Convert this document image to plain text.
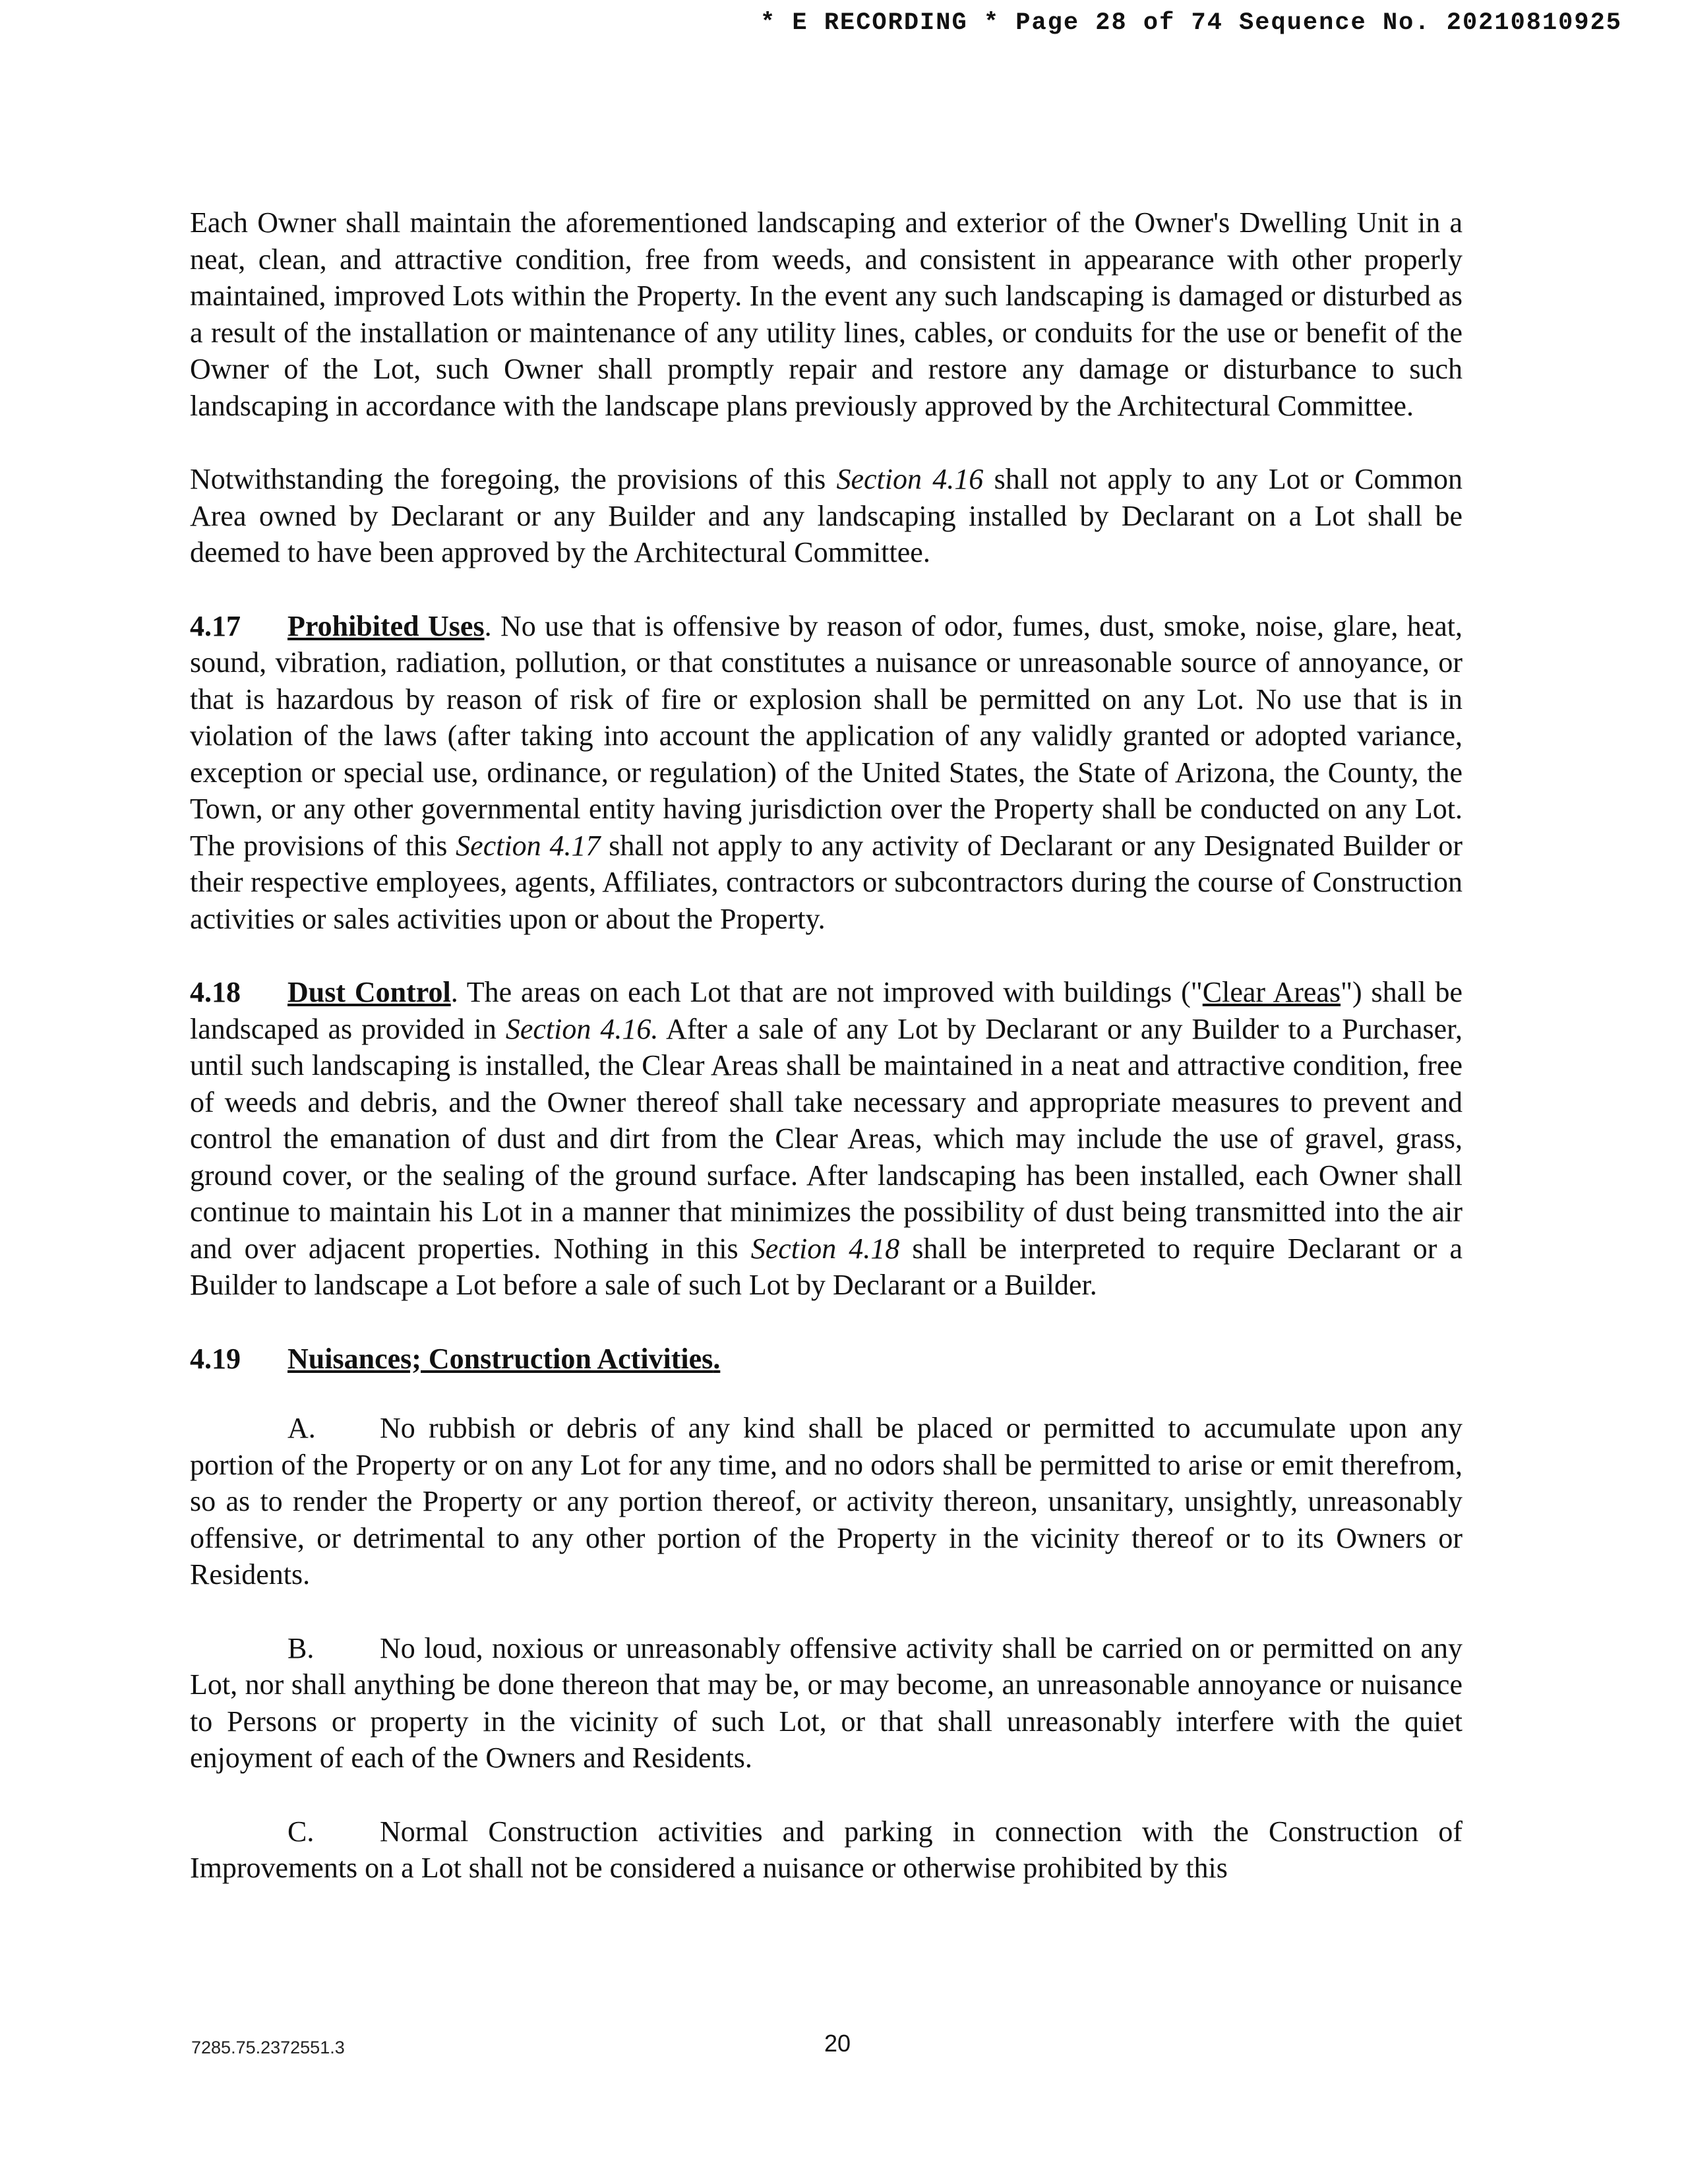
* E RECORDING * Page 28 of 74 Sequence No. 20210810925

Each Owner shall maintain the aforementioned landscaping and exterior of the Owner's Dwelling Unit in a neat, clean, and attractive condition, free from weeds, and consistent in appearance with other properly maintained, improved Lots within the Property. In the event any such landscaping is damaged or disturbed as a result of the installation or maintenance of any utility lines, cables, or conduits for the use or benefit of the Owner of the Lot, such Owner shall promptly repair and restore any damage or disturbance to such landscaping in accordance with the landscape plans previously approved by the Architectural Committee.

Notwithstanding the foregoing, the provisions of this Section 4.16 shall not apply to any Lot or Common Area owned by Declarant or any Builder and any landscaping installed by Declarant on a Lot shall be deemed to have been approved by the Architectural Committee.

4.17 Prohibited Uses. No use that is offensive by reason of odor, fumes, dust, smoke, noise, glare, heat, sound, vibration, radiation, pollution, or that constitutes a nuisance or unreasonable source of annoyance, or that is hazardous by reason of risk of fire or explosion shall be permitted on any Lot. No use that is in violation of the laws (after taking into account the application of any validly granted or adopted variance, exception or special use, ordinance, or regulation) of the United States, the State of Arizona, the County, the Town, or any other governmental entity having jurisdiction over the Property shall be conducted on any Lot. The provisions of this Section 4.17 shall not apply to any activity of Declarant or any Designated Builder or their respective employees, agents, Affiliates, contractors or subcontractors during the course of Construction activities or sales activities upon or about the Property.

4.18 Dust Control. The areas on each Lot that are not improved with buildings ("Clear Areas") shall be landscaped as provided in Section 4.16. After a sale of any Lot by Declarant or any Builder to a Purchaser, until such landscaping is installed, the Clear Areas shall be maintained in a neat and attractive condition, free of weeds and debris, and the Owner thereof shall take necessary and appropriate measures to prevent and control the emanation of dust and dirt from the Clear Areas, which may include the use of gravel, grass, ground cover, or the sealing of the ground surface. After landscaping has been installed, each Owner shall continue to maintain his Lot in a manner that minimizes the possibility of dust being transmitted into the air and over adjacent properties. Nothing in this Section 4.18 shall be interpreted to require Declarant or a Builder to landscape a Lot before a sale of such Lot by Declarant or a Builder.

4.19 Nuisances; Construction Activities.

A. No rubbish or debris of any kind shall be placed or permitted to accumulate upon any portion of the Property or on any Lot for any time, and no odors shall be permitted to arise or emit therefrom, so as to render the Property or any portion thereof, or activity thereon, unsanitary, unsightly, unreasonably offensive, or detrimental to any other portion of the Property in the vicinity thereof or to its Owners or Residents.

B. No loud, noxious or unreasonably offensive activity shall be carried on or permitted on any Lot, nor shall anything be done thereon that may be, or may become, an unreasonable annoyance or nuisance to Persons or property in the vicinity of such Lot, or that shall unreasonably interfere with the quiet enjoyment of each of the Owners and Residents.

C. Normal Construction activities and parking in connection with the Construction of Improvements on a Lot shall not be considered a nuisance or otherwise prohibited by this

7285.75.2372551.3	20
